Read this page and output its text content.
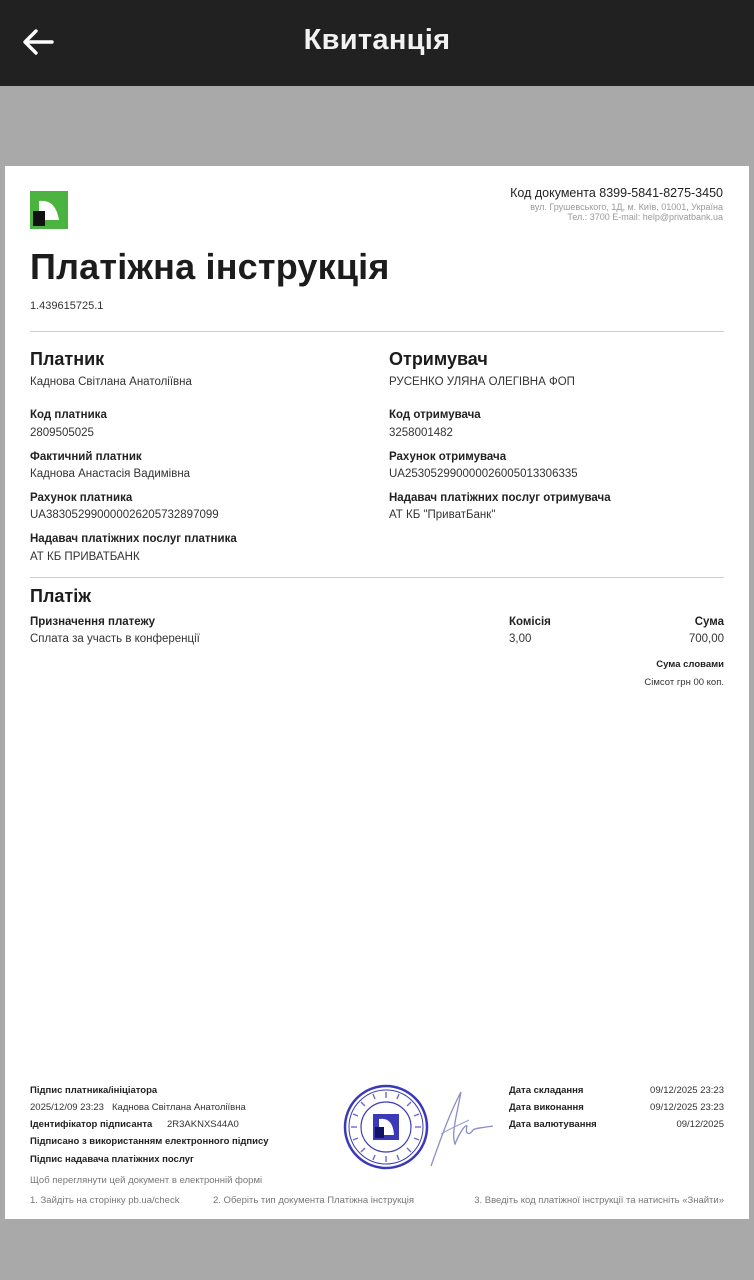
Квитанція
Код документа 8399-5841-8275-3450
вул. Грушевського, 1Д, м. Київ, 01001, Україна
Тел.: 3700 E-mail: help@privatbank.ua
Платіжна інструкція
1.439615725.1
Платник
Каднова Світлана Анатоліївна
Код платника
2809505025
Фактичний платник
Каднова Анастасія Вадимівна
Рахунок платника
UA383052990000026205732897099
Надавач платіжних послуг платника
АТ КБ ПРИВАТБАНК
Отримувач
РУСЕНКО УЛЯНА ОЛЕГІВНА ФОП
Код отримувача
3258001482
Рахунок отримувача
UA253052990000026005013306335
Надавач платіжних послуг отримувача
АТ КБ "ПриватБанк"
Платіж
Призначення платежу
Сплата за участь в конференції
Комісія
3,00
Сума
700,00
Сума словами
Сімсот грн 00 коп.
Підпис платника/ініціатора
2025/12/09 23:23 Каднова Світлана Анатоліївна
Ідентифікатор підписанта 2R3AKNXS44A0
Підписано з використанням електронного підпису
Підпис надавача платіжних послуг
Дата складання	09/12/2025 23:23
Дата виконання	09/12/2025 23:23
Дата валютування	09/12/2025
Щоб переглянути цей документ в електронній формі
1. Зайдіть на сторінку pb.ua/check	2. Оберіть тип документа Платіжна інструкція	3. Введіть код платіжної інструкції та натисніть «Знайти»
